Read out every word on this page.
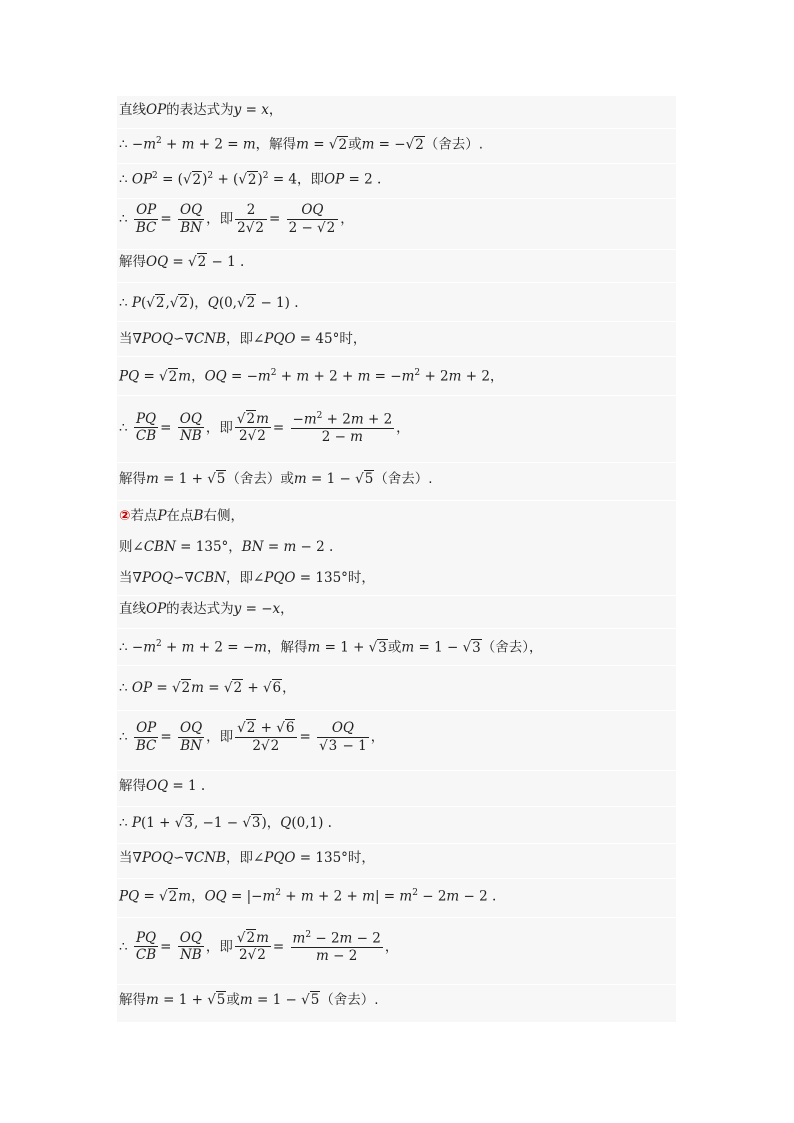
直线OP的表达式为y = x，
∴ $-m^2 + m + 2 = m$，解得m = √2或m = −√2（舍去）.
∴ $OP^2 = (√2)^2 + (√2)^2 = 4$，即OP = 2 .
∴ $\frac{OP}{BC} = \frac{OQ}{BN}$ ，即 $\frac{2}{2√2} = \frac{OQ}{2 - √2}$ ，
解得OQ = √2 − 1 .
∴ P(√2,√2)，Q(0,√2 − 1) .
当∇POQ∽∇CNB，即∠PQO = 45°时，
PQ = √2m，OQ = $-m^2 + m + 2 + m = -m^2 + 2m + 2$，
∴ $\frac{PQ}{CB} = \frac{OQ}{NB}$ ，即 $\frac{√2m}{2√2} = \frac{-m^2 + 2m + 2}{2 - m}$ ，
解得m = 1 + √5（舍去）或m = 1 − √5（舍去）.
②若点P在点B右侧，
则∠CBN = 135°，BN = m − 2 .
当∇POQ∽∇CBN，即∠PQO = 135°时，
直线OP的表达式为y = −x，
∴ $-m^2 + m + 2 = -m$，解得m = 1 + √3或m = 1 − √3（舍去），
∴ OP = √2m = √2 + √6，
∴ $\frac{OP}{BC} = \frac{OQ}{BN}$ ，即 $\frac{√2 + √6}{2√2} = \frac{OQ}{√3 - 1}$ ，
解得OQ = 1 .
∴ P(1 + √3, −1 − √3)，Q(0,1) .
当∇POQ∽∇CNB，即∠PQO = 135°时，
PQ = √2m，OQ = $|-m^2 + m + 2 + m| = m^2 - 2m - 2$ .
∴ $\frac{PQ}{CB} = \frac{OQ}{NB}$ ，即 $\frac{√2m}{2√2} = \frac{m^2 - 2m - 2}{m - 2}$ ，
解得m = 1 + √5或m = 1 − √5（舍去）.
